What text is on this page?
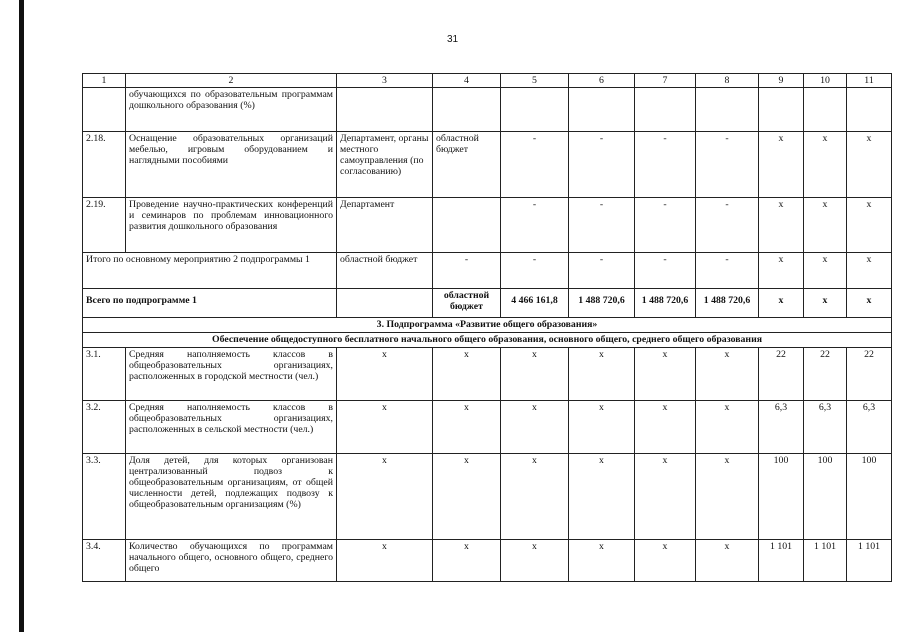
31
1	2	3	4	5	6	7	8	9	10	11
	обучающихся по образовательным программам дошкольного образования (%)									
2.18.	Оснащение образовательных организаций мебелью, игровым оборудованием и наглядными пособиями	Департамент, органы местного самоуправления (по согласованию)	областной бюджет	-	-	-	-	х	х	х
2.19.	Проведение научно-практических конференций и семинаров по проблемам инновационного развития дошкольного образования	Департамент		-	-	-	-	х	х	х
Итого по основному мероприятию 2 подпрограммы 1		областной бюджет	-	-	-	-	-	х	х	х
Всего по подпрограмме 1			областной бюджет	4 466 161,8	1 488 720,6	1 488 720,6	1 488 720,6	х	х	х
3. Подпрограмма «Развитие общего образования»										
Обеспечение общедоступного бесплатного начального общего образования, основного общего, среднего общего образования										
3.1.	Средняя наполняемость классов в общеобразовательных организациях, расположенных в городской местности (чел.)	х	х	х	х	х	х	22	22	22
3.2.	Средняя наполняемость классов в общеобразовательных организациях, расположенных в сельской местности (чел.)	х	х	х	х	х	х	6,3	6,3	6,3
3.3.	Доля детей, для которых организован централизованный подвоз к общеобразовательным организациям, от общей численности детей, подлежащих подвозу к общеобразовательным организациям (%)	х	х	х	х	х	х	100	100	100
3.4.	Количество обучающихся по программам начального общего, основного общего, среднего общего	х	х	х	х	х	х	1 101	1 101	1 101
